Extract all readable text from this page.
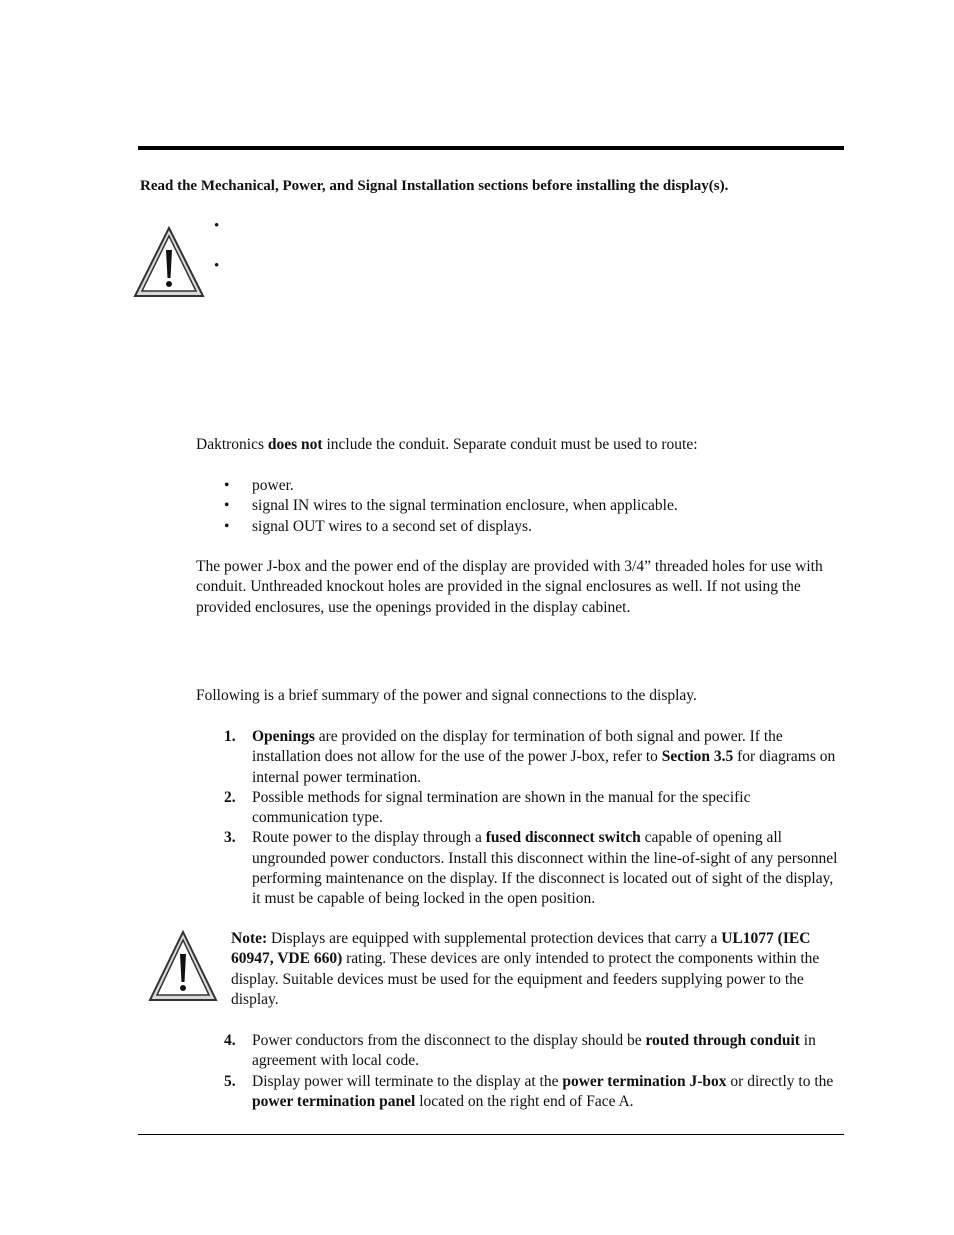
Read the Mechanical, Power, and Signal Installation sections before installing the display(s).

•
•

Daktronics does not include the conduit. Separate conduit must be used to route:

• power.
• signal IN wires to the signal termination enclosure, when applicable.
• signal OUT wires to a second set of displays.

The power J-box and the power end of the display are provided with 3/4” threaded holes for use with conduit. Unthreaded knockout holes are provided in the signal enclosures as well. If not using the provided enclosures, use the openings provided in the display cabinet.

Following is a brief summary of the power and signal connections to the display.

1. Openings are provided on the display for termination of both signal and power. If the installation does not allow for the use of the power J-box, refer to Section 3.5 for diagrams on internal power termination.
2. Possible methods for signal termination are shown in the manual for the specific communication type.
3. Route power to the display through a fused disconnect switch capable of opening all ungrounded power conductors. Install this disconnect within the line-of-sight of any personnel performing maintenance on the display. If the disconnect is located out of sight of the display, it must be capable of being locked in the open position.

Note: Displays are equipped with supplemental protection devices that carry a UL1077 (IEC 60947, VDE 660) rating. These devices are only intended to protect the components within the display. Suitable devices must be used for the equipment and feeders supplying power to the display.

4. Power conductors from the disconnect to the display should be routed through conduit in agreement with local code.
5. Display power will terminate to the display at the power termination J-box or directly to the power termination panel located on the right end of Face A.
